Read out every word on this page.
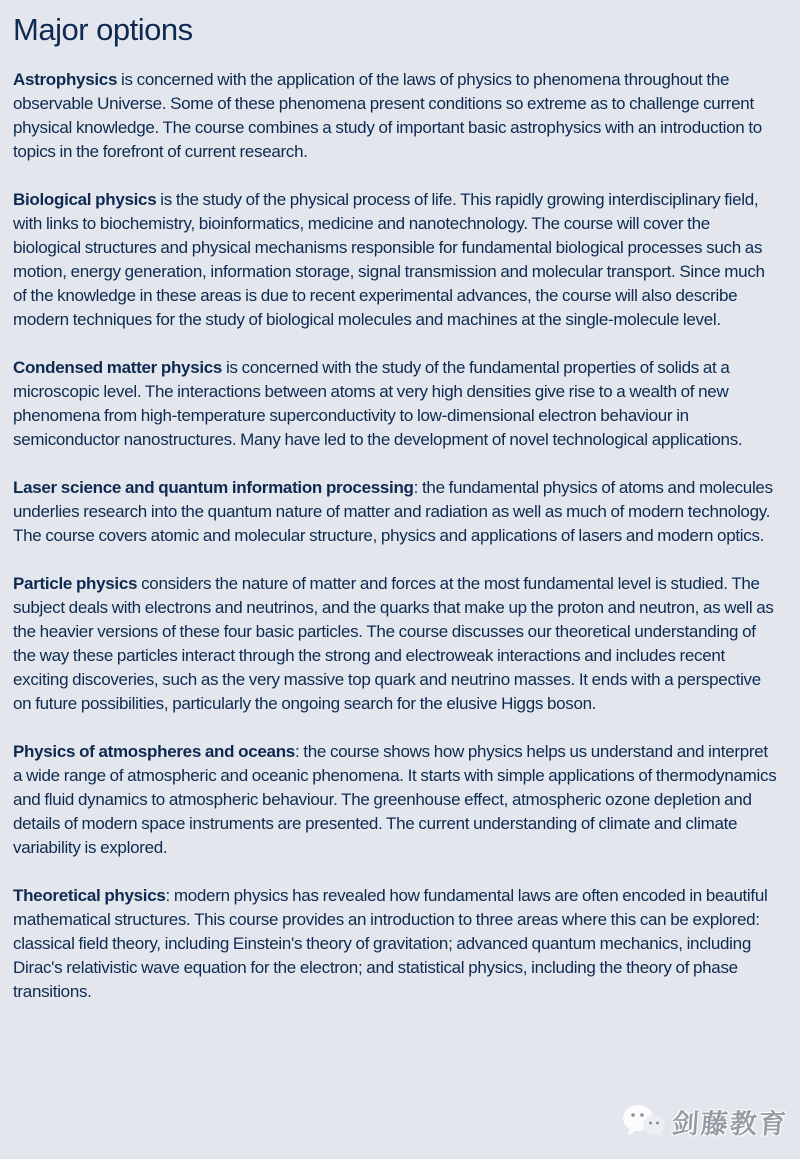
Major options

Astrophysics is concerned with the application of the laws of physics to phenomena throughout the observable Universe. Some of these phenomena present conditions so extreme as to challenge current physical knowledge. The course combines a study of important basic astrophysics with an introduction to topics in the forefront of current research.

Biological physics is the study of the physical process of life. This rapidly growing interdisciplinary field, with links to biochemistry, bioinformatics, medicine and nanotechnology. The course will cover the biological structures and physical mechanisms responsible for fundamental biological processes such as motion, energy generation, information storage, signal transmission and molecular transport. Since much of the knowledge in these areas is due to recent experimental advances, the course will also describe modern techniques for the study of biological molecules and machines at the single-molecule level.

Condensed matter physics is concerned with the study of the fundamental properties of solids at a microscopic level. The interactions between atoms at very high densities give rise to a wealth of new phenomena from high-temperature superconductivity to low-dimensional electron behaviour in semiconductor nanostructures. Many have led to the development of novel technological applications.

Laser science and quantum information processing: the fundamental physics of atoms and molecules underlies research into the quantum nature of matter and radiation as well as much of modern technology. The course covers atomic and molecular structure, physics and applications of lasers and modern optics.

Particle physics considers the nature of matter and forces at the most fundamental level is studied. The subject deals with electrons and neutrinos, and the quarks that make up the proton and neutron, as well as the heavier versions of these four basic particles. The course discusses our theoretical understanding of the way these particles interact through the strong and electroweak interactions and includes recent exciting discoveries, such as the very massive top quark and neutrino masses. It ends with a perspective on future possibilities, particularly the ongoing search for the elusive Higgs boson.

Physics of atmospheres and oceans: the course shows how physics helps us understand and interpret a wide range of atmospheric and oceanic phenomena. It starts with simple applications of thermodynamics and fluid dynamics to atmospheric behaviour. The greenhouse effect, atmospheric ozone depletion and details of modern space instruments are presented. The current understanding of climate and climate variability is explored.

Theoretical physics: modern physics has revealed how fundamental laws are often encoded in beautiful mathematical structures. This course provides an introduction to three areas where this can be explored: classical field theory, including Einstein's theory of gravitation; advanced quantum mechanics, including Dirac's relativistic wave equation for the electron; and statistical physics, including the theory of phase transitions.

剑藤教育
